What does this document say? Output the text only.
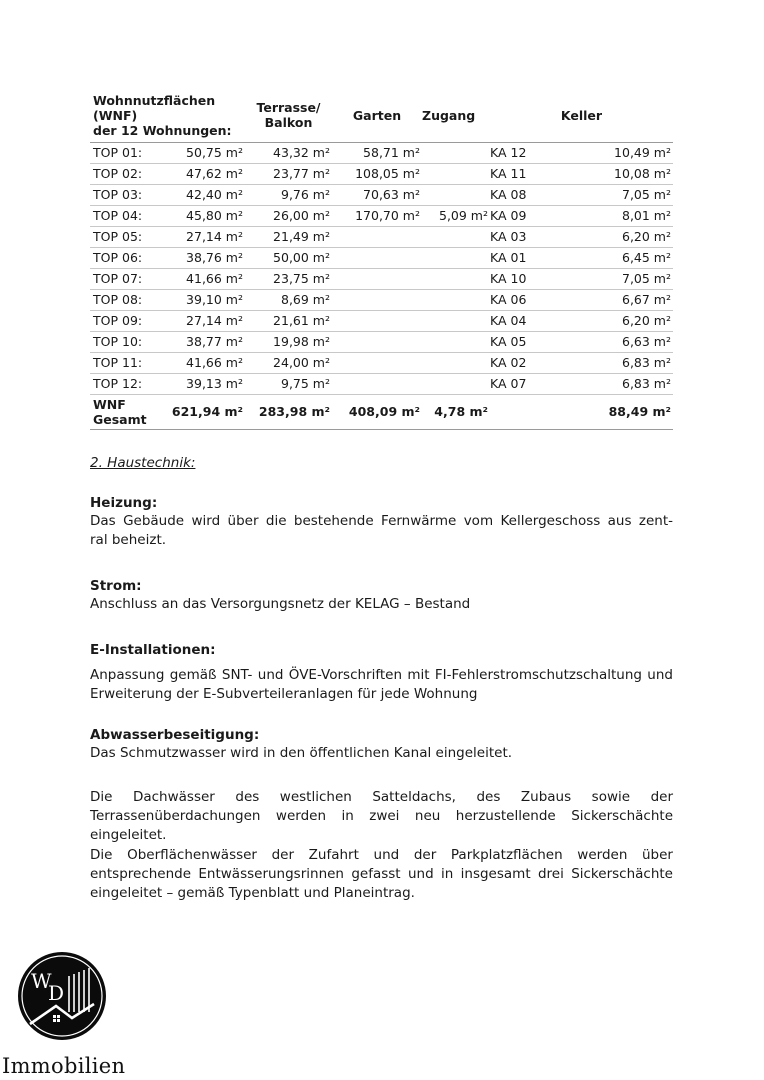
Wohnnutzflächen
(WNF)
der 12 Wohnungen:		Terrasse/
Balkon	Garten	Zugang	Keller	
TOP 01:	50,75 m²	43,32 m²	58,71 m²		KA 12	10,49 m²
TOP 02:	47,62 m²	23,77 m²	108,05 m²		KA 11	10,08 m²
TOP 03:	42,40 m²	9,76 m²	70,63 m²		KA 08	7,05 m²
TOP 04:	45,80 m²	26,00 m²	170,70 m²	5,09 m²	KA 09	8,01 m²
TOP 05:	27,14 m²	21,49 m²			KA 03	6,20 m²
TOP 06:	38,76 m²	50,00 m²			KA 01	6,45 m²
TOP 07:	41,66 m²	23,75 m²			KA 10	7,05 m²
TOP 08:	39,10 m²	8,69 m²			KA 06	6,67 m²
TOP 09:	27,14 m²	21,61 m²			KA 04	6,20 m²
TOP 10:	38,77 m²	19,98 m²			KA 05	6,63 m²
TOP 11:	41,66 m²	24,00 m²			KA 02	6,83 m²
TOP 12:	39,13 m²	9,75 m²			KA 07	6,83 m²
WNF
Gesamt	621,94 m²	283,98 m²	408,09 m²	4,78 m²		88,49 m²
2. Haustechnik:
Heizung:
Das Gebäude wird über die bestehende Fernwärme vom Kellergeschoss aus zent-
ral beheizt.
Strom:
Anschluss an das Versorgungsnetz der KELAG – Bestand
E-Installationen:
Anpassung gemäß SNT- und ÖVE-Vorschriften mit FI-Fehlerstromschutzschaltung und Erweiterung der E-Subverteileranlagen für jede Wohnung
Abwasserbeseitigung:
Das Schmutzwasser wird in den öffentlichen Kanal eingeleitet.
Die Dachwässer des westlichen Satteldachs, des Zubaus sowie der Terrassenüberdachungen werden in zwei neu herzustellende Sickerschächte eingeleitet.
Die Oberflächenwässer der Zufahrt und der Parkplatzflächen werden über entsprechende Entwässerungsrinnen gefasst und in insgesamt drei Sickerschächte eingeleitet – gemäß Typenblatt und Planeintrag.
W
D
Immobilien
